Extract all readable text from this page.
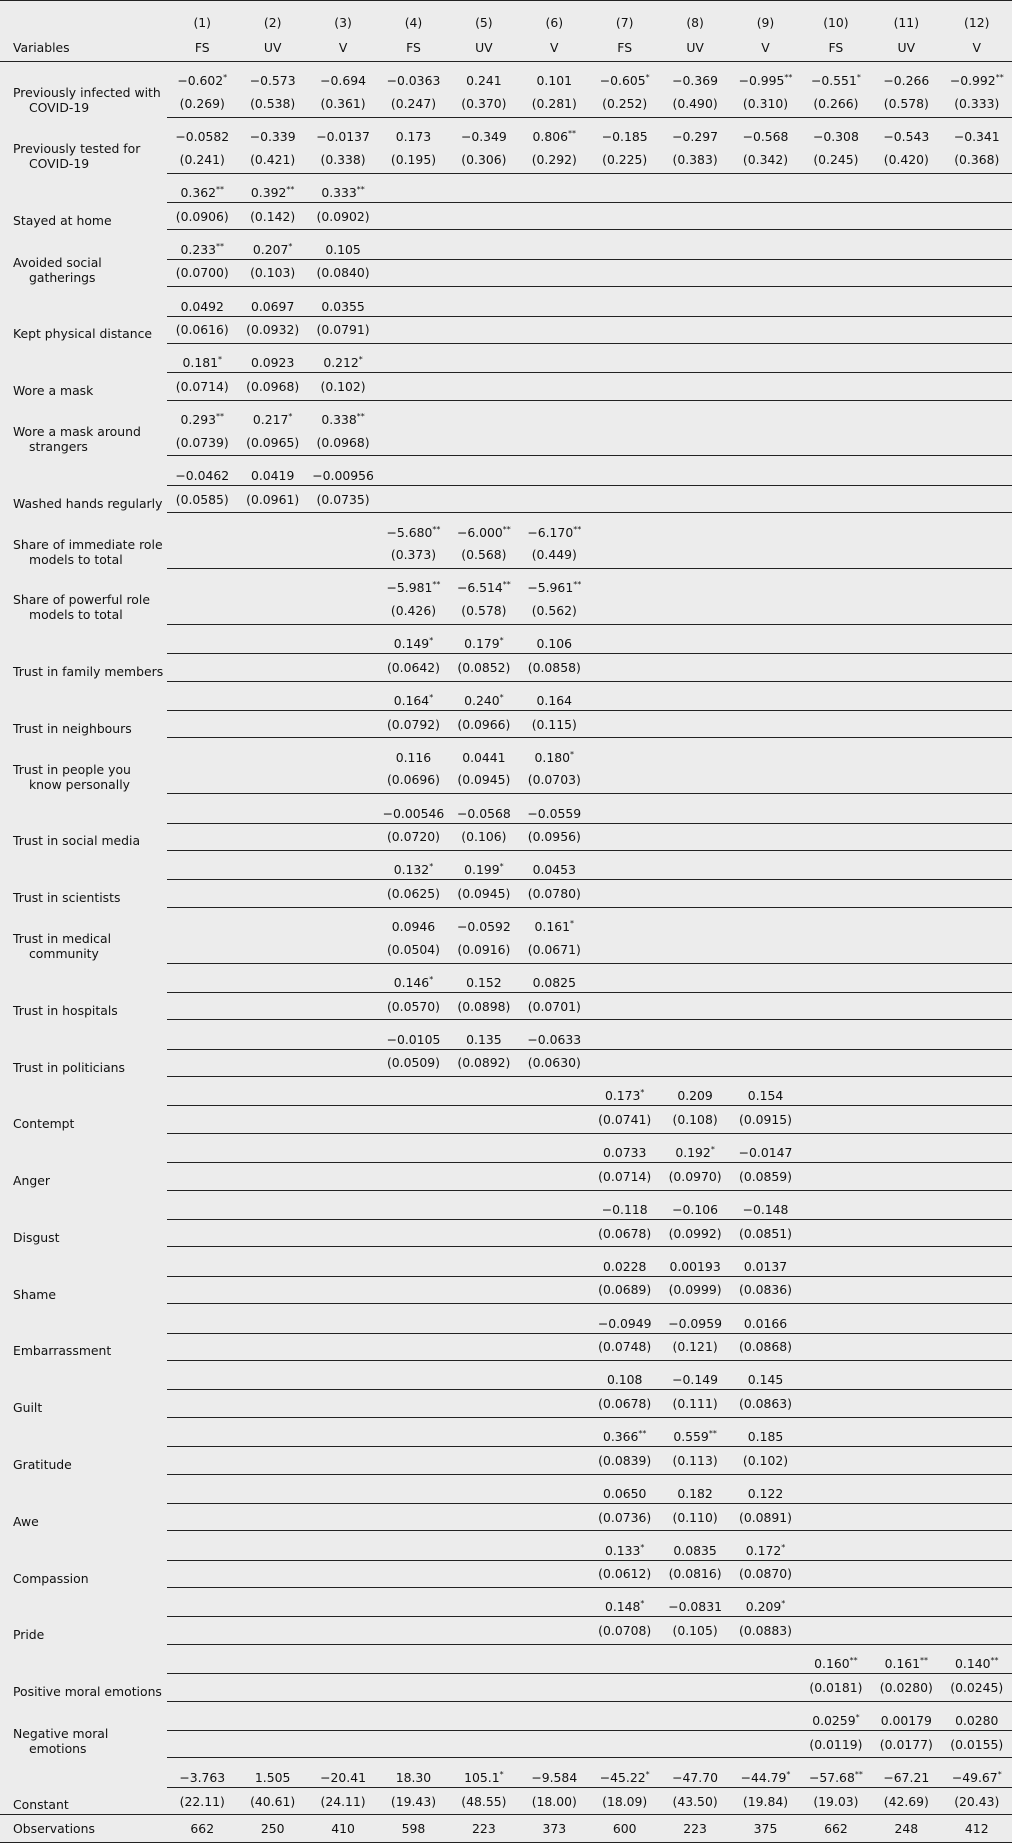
	(1)	(2)	(3)	(4)	(5)	(6)	(7)	(8)	(9)	(10)	(11)	(12)
Variables	FS	UV	V	FS	UV	V	FS	UV	V	FS	UV	V
Previously infected with COVID-19	−0.602*	−0.573	−0.694	−0.0363	0.241	0.101	−0.605*	−0.369	−0.995**	−0.551*	−0.266	−0.992**
	(0.269)	(0.538)	(0.361)	(0.247)	(0.370)	(0.281)	(0.252)	(0.490)	(0.310)	(0.266)	(0.578)	(0.333)
Previously tested for COVID-19	−0.0582	−0.339	−0.0137	0.173	−0.349	0.806**	−0.185	−0.297	−0.568	−0.308	−0.543	−0.341
	(0.241)	(0.421)	(0.338)	(0.195)	(0.306)	(0.292)	(0.225)	(0.383)	(0.342)	(0.245)	(0.420)	(0.368)
Stayed at home	0.362**	0.392**	0.333**									
	(0.0906)	(0.142)	(0.0902)									
Avoided social gatherings	0.233**	0.207*	0.105									
	(0.0700)	(0.103)	(0.0840)									
Kept physical distance	0.0492	0.0697	0.0355									
	(0.0616)	(0.0932)	(0.0791)									
Wore a mask	0.181*	0.0923	0.212*									
	(0.0714)	(0.0968)	(0.102)									
Wore a mask around strangers	0.293**	0.217*	0.338**									
	(0.0739)	(0.0965)	(0.0968)									
Washed hands regularly	−0.0462	0.0419	−0.00956									
	(0.0585)	(0.0961)	(0.0735)									
Share of immediate role models to total				−5.680**	−6.000**	−6.170**						
				(0.373)	(0.568)	(0.449)						
Share of powerful role models to total				−5.981**	−6.514**	−5.961**						
				(0.426)	(0.578)	(0.562)						
Trust in family members				0.149*	0.179*	0.106						
				(0.0642)	(0.0852)	(0.0858)						
Trust in neighbours				0.164*	0.240*	0.164						
				(0.0792)	(0.0966)	(0.115)						
Trust in people you know personally				0.116	0.0441	0.180*						
				(0.0696)	(0.0945)	(0.0703)						
Trust in social media				−0.00546	−0.0568	−0.0559						
				(0.0720)	(0.106)	(0.0956)						
Trust in scientists				0.132*	0.199*	0.0453						
				(0.0625)	(0.0945)	(0.0780)						
Trust in medical community				0.0946	−0.0592	0.161*						
				(0.0504)	(0.0916)	(0.0671)						
Trust in hospitals				0.146*	0.152	0.0825						
				(0.0570)	(0.0898)	(0.0701)						
Trust in politicians				−0.0105	0.135	−0.0633						
				(0.0509)	(0.0892)	(0.0630)						
Contempt							0.173*	0.209	0.154			
							(0.0741)	(0.108)	(0.0915)			
Anger							0.0733	0.192*	−0.0147			
							(0.0714)	(0.0970)	(0.0859)			
Disgust							−0.118	−0.106	−0.148			
							(0.0678)	(0.0992)	(0.0851)			
Shame							0.0228	0.00193	0.0137			
							(0.0689)	(0.0999)	(0.0836)			
Embarrassment							−0.0949	−0.0959	0.0166			
							(0.0748)	(0.121)	(0.0868)			
Guilt							0.108	−0.149	0.145			
							(0.0678)	(0.111)	(0.0863)			
Gratitude							0.366**	0.559**	0.185			
							(0.0839)	(0.113)	(0.102)			
Awe							0.0650	0.182	0.122			
							(0.0736)	(0.110)	(0.0891)			
Compassion							0.133*	0.0835	0.172*			
							(0.0612)	(0.0816)	(0.0870)			
Pride							0.148*	−0.0831	0.209*			
							(0.0708)	(0.105)	(0.0883)			
Positive moral emotions										0.160**	0.161**	0.140**
										(0.0181)	(0.0280)	(0.0245)
Negative moral emotions										0.0259*	0.00179	0.0280
										(0.0119)	(0.0177)	(0.0155)
Constant	−3.763	1.505	−20.41	18.30	105.1*	−9.584	−45.22*	−47.70	−44.79*	−57.68**	−67.21	−49.67*
	(22.11)	(40.61)	(24.11)	(19.43)	(48.55)	(18.00)	(18.09)	(43.50)	(19.84)	(19.03)	(42.69)	(20.43)
Observations	662	250	410	598	223	373	600	223	375	662	248	412
